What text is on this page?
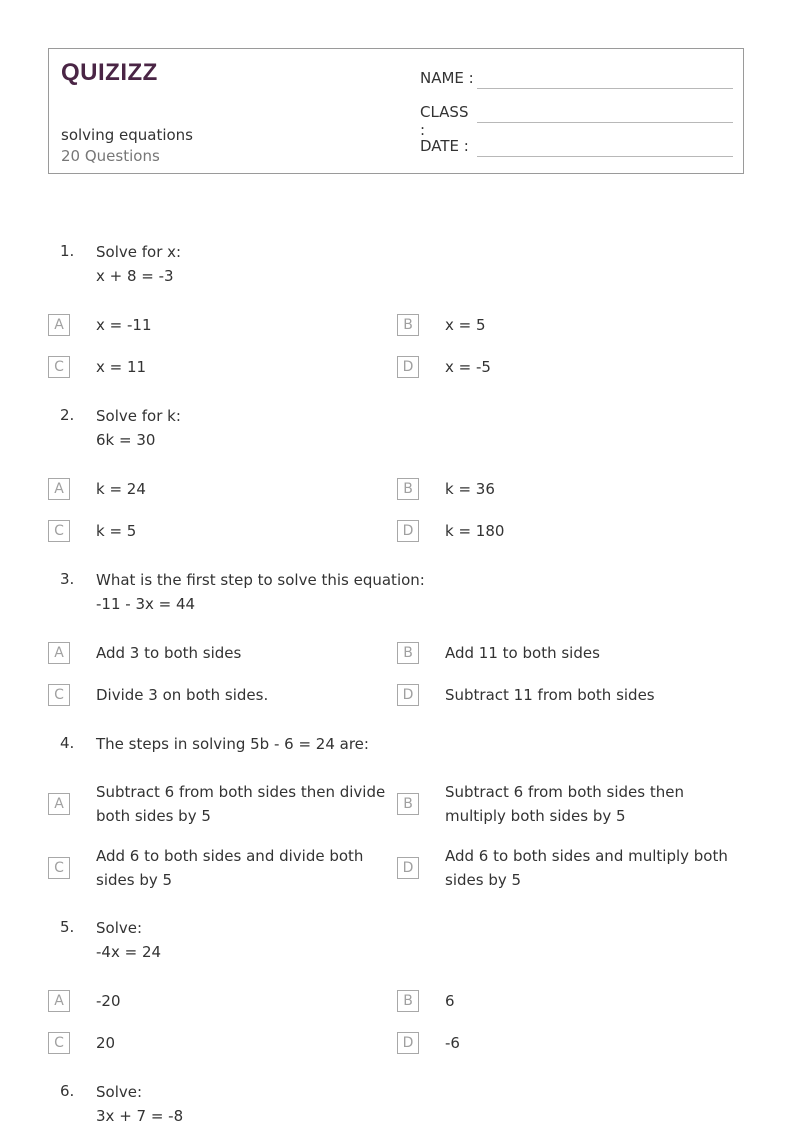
QUIZIZZ
solving equations
20 Questions
NAME :
CLASS :
DATE :
1. Solve for x:
x + 8 = -3
A	x = -11	B	x = 5
C	x = 11	D	x = -5
2. Solve for k:
6k = 30
A	k = 24	B	k = 36
C	k = 5	D	k = 180
3. What is the first step to solve this equation:
-11 - 3x = 44
A	Add 3 to both sides	B	Add 11 to both sides
C	Divide 3 on both sides.	D	Subtract 11 from both sides
4. The steps in solving 5b - 6 = 24 are:
A
Subtract 6 from both sides then divide both sides by 5
B
Subtract 6 from both sides then multiply both sides by 5
C
Add 6 to both sides and divide both sides by 5
D
Add 6 to both sides and multiply both sides by 5
5. Solve:
-4x = 24
A	-20	B	6
C	20	D	-6
6. Solve:
3x + 7 = -8
